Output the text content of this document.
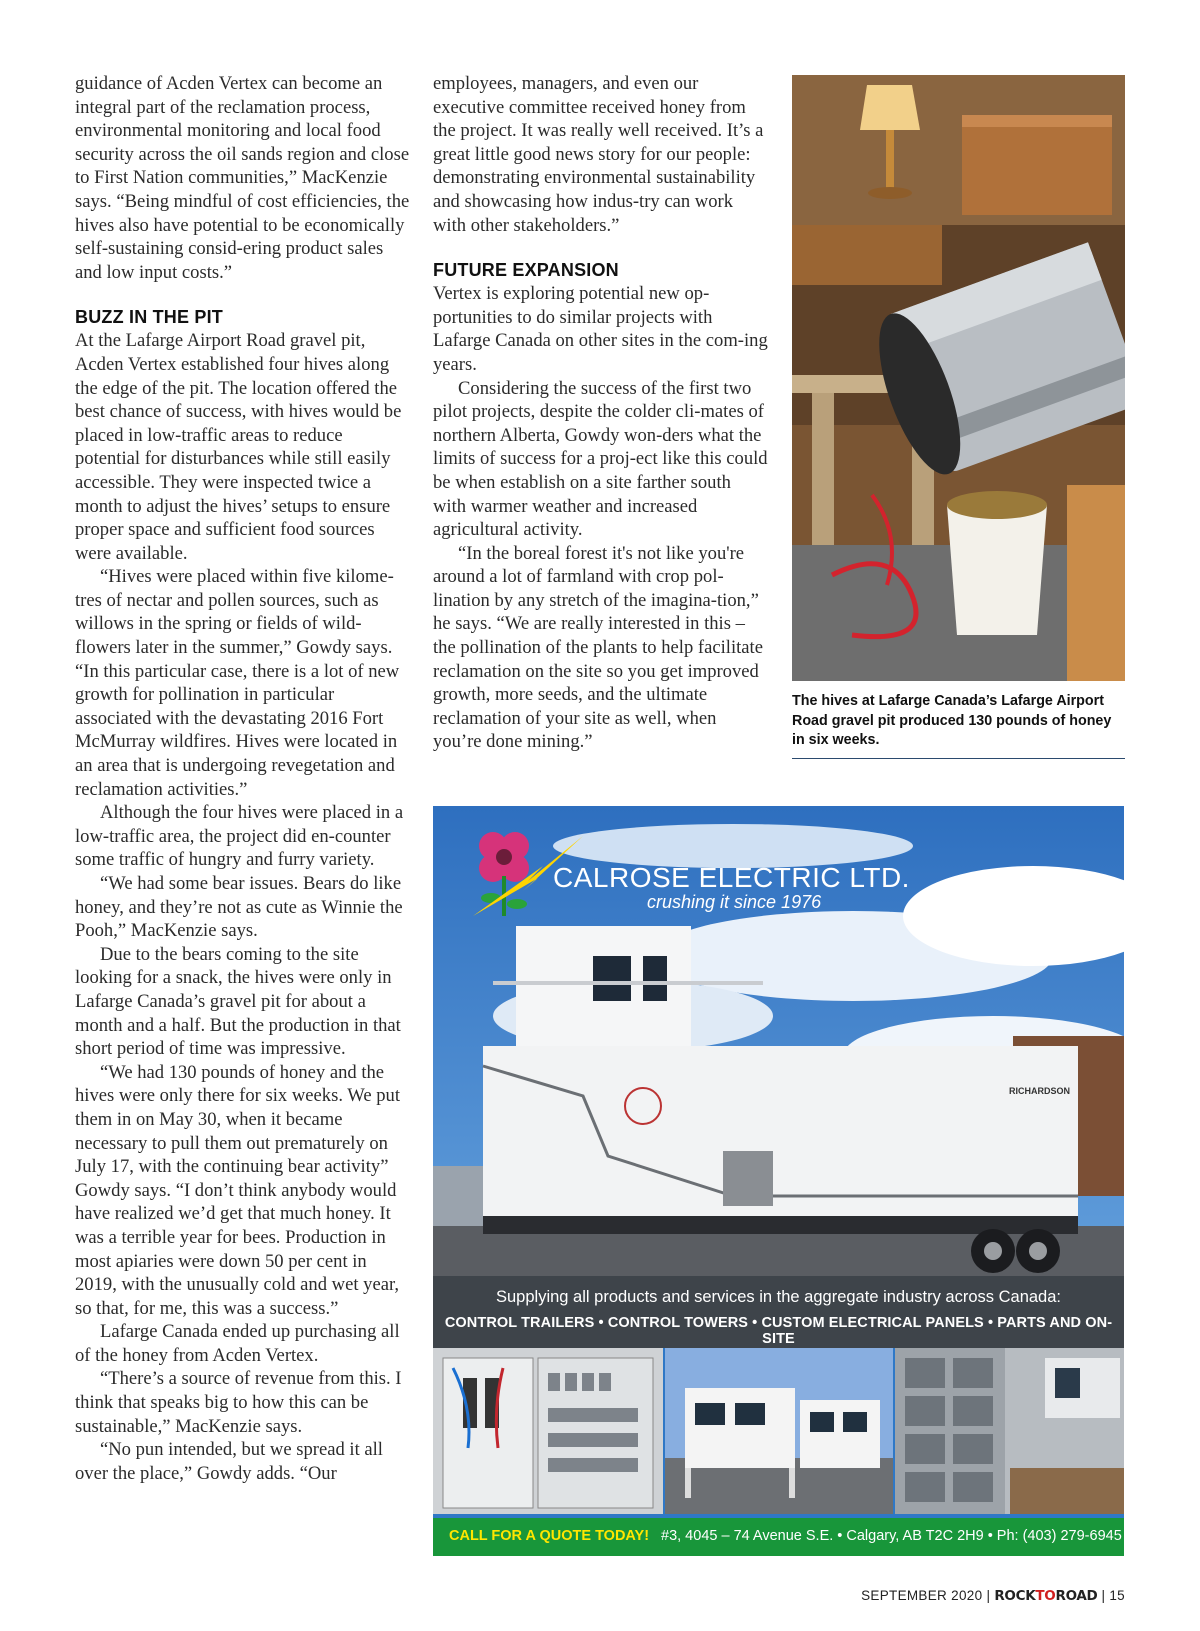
guidance of Acden Vertex can become an integral part of the reclamation process, environmental monitoring and local food security across the oil sands region and close to First Nation communities,” MacKenzie says. “Being mindful of cost efficiencies, the hives also have potential to be economically self-sustaining consid-ering product sales and low input costs.”

BUZZ IN THE PIT

At the Lafarge Airport Road gravel pit, Acden Vertex established four hives along the edge of the pit. The location offered the best chance of success, with hives would be placed in low-traffic areas to reduce potential for disturbances while still easily accessible. They were inspected twice a month to adjust the hives’ setups to ensure proper space and sufficient food sources were available.

“Hives were placed within five kilome-tres of nectar and pollen sources, such as willows in the spring or fields of wild-flowers later in the summer,” Gowdy says. “In this particular case, there is a lot of new growth for pollination in particular associated with the devastating 2016 Fort McMurray wildfires. Hives were located in an area that is undergoing revegetation and reclamation activities.”

Although the four hives were placed in a low-traffic area, the project did en-counter some traffic of hungry and furry variety.

“We had some bear issues. Bears do like honey, and they’re not as cute as Winnie the Pooh,” MacKenzie says.

Due to the bears coming to the site looking for a snack, the hives were only in Lafarge Canada’s gravel pit for about a month and a half. But the production in that short period of time was impressive.

“We had 130 pounds of honey and the hives were only there for six weeks. We put them in on May 30, when it became necessary to pull them out prematurely on July 17, with the continuing bear activity” Gowdy says. “I don’t think anybody would have realized we’d get that much honey. It was a terrible year for bees. Production in most apiaries were down 50 per cent in 2019, with the unusually cold and wet year, so that, for me, this was a success.”

Lafarge Canada ended up purchasing all of the honey from Acden Vertex.

“There’s a source of revenue from this. I think that speaks big to how this can be sustainable,” MacKenzie says.

“No pun intended, but we spread it all over the place,” Gowdy adds. “Our

employees, managers, and even our executive committee received honey from the project. It was really well received. It’s a great little good news story for our people: demonstrating environmental sustainability and showcasing how indus-try can work with other stakeholders.”

FUTURE EXPANSION

Vertex is exploring potential new op-portunities to do similar projects with Lafarge Canada on other sites in the com-ing years.

Considering the success of the first two pilot projects, despite the colder cli-mates of northern Alberta, Gowdy won-ders what the limits of success for a proj-ect like this could be when establish on a site farther south with warmer weather and increased agricultural activity.

“In the boreal forest it's not like you're around a lot of farmland with crop pol-lination by any stretch of the imagina-tion,” he says. “We are really interested in this – the pollination of the plants to help facilitate reclamation on the site so you get improved growth, more seeds, and the ultimate reclamation of your site as well, when you’re done mining.”

The hives at Lafarge Canada’s Lafarge Airport Road gravel pit produced 130 pounds of honey in six weeks.
CALROSE ELECTRIC LTD.
crushing it since 1976	www.calrose.ca
RICHARDSON
Supplying all products and services in the aggregate industry across Canada:
CONTROL TRAILERS • CONTROL TOWERS • CUSTOM ELECTRICAL PANELS • PARTS AND ON-SITE
CALL FOR A QUOTE TODAY! #3, 4045 – 74 Avenue S.E. • Calgary, AB T2C 2H9 • Ph: (403) 279-6945
SEPTEMBER 2020 | ROCKTOROAD | 15
